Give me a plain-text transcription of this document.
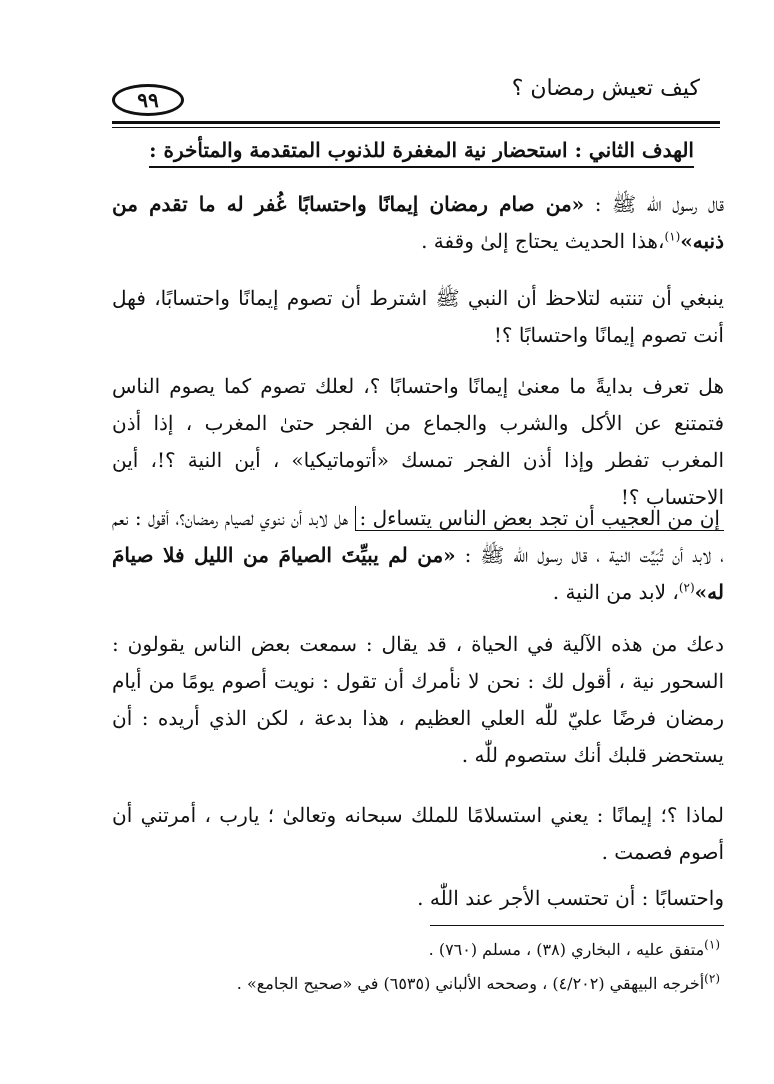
كيف تعيش رمضان ؟
٩٩
الهدف الثاني : استحضار نية المغفرة للذنوب المتقدمة والمتأخرة :
قال رسول اللّٰه ﷺ : «من صام رمضان إيمانًا واحتسابًا غُفر له ما تقدم من ذنبه»$^{(١)}$،هذا الحديث يحتاج إلىٰ وقفة .
ينبغي أن تنتبه لتلاحظ أن النبي ﷺ اشترط أن تصوم إيمانًا واحتسابًا، فهل أنت تصوم إيمانًا واحتسابًا ؟!
هل تعرف بدايةً ما معنىٰ إيمانًا واحتسابًا ؟، لعلك تصوم كما يصوم الناس فتمتنع عن الأكل والشرب والجماع من الفجر حتىٰ المغرب ، إذا أذن المغرب تفطر وإذا أذن الفجر تمسك «أتوماتيكيا» ، أين النية ؟!، أين الاحتساب ؟!
إن من العجيب أن تجد بعض الناس يتساءل : هل لابد أن ننوي لصيام رمضان؟، أقول : نعم ، لابد أن تُبَيِّت النية ، قال رسول اللّٰه ﷺ : «من لم يبيِّتَ الصيامَ من الليل فلا صيامَ له»$^{(٢)}$، لابد من النية .
دعك من هذه الآلية في الحياة ، قد يقال : سمعت بعض الناس يقولون : السحور نية ، أقول لك : نحن لا نأمرك أن تقول : نويت أصوم يومًا من أيام رمضان فرضًا عليّ للّٰه العلي العظيم ، هذا بدعة ، لكن الذي أريده : أن يستحضر قلبك أنك ستصوم للّٰه .
لماذا ؟؛ إيمانًا : يعني استسلامًا للملك سبحانه وتعالىٰ ؛ يارب ، أمرتني أن أصوم فصمت .
واحتسابًا : أن تحتسب الأجر عند اللّٰه .
$^{(١)}$متفق عليه ، البخاري (٣٨) ، مسلم (٧٦٠) .
$^{(٢)}$أخرجه البيهقي (٤/٢٠٢) ، وصححه الألباني (٦٥٣٥) في «صحيح الجامع» .
